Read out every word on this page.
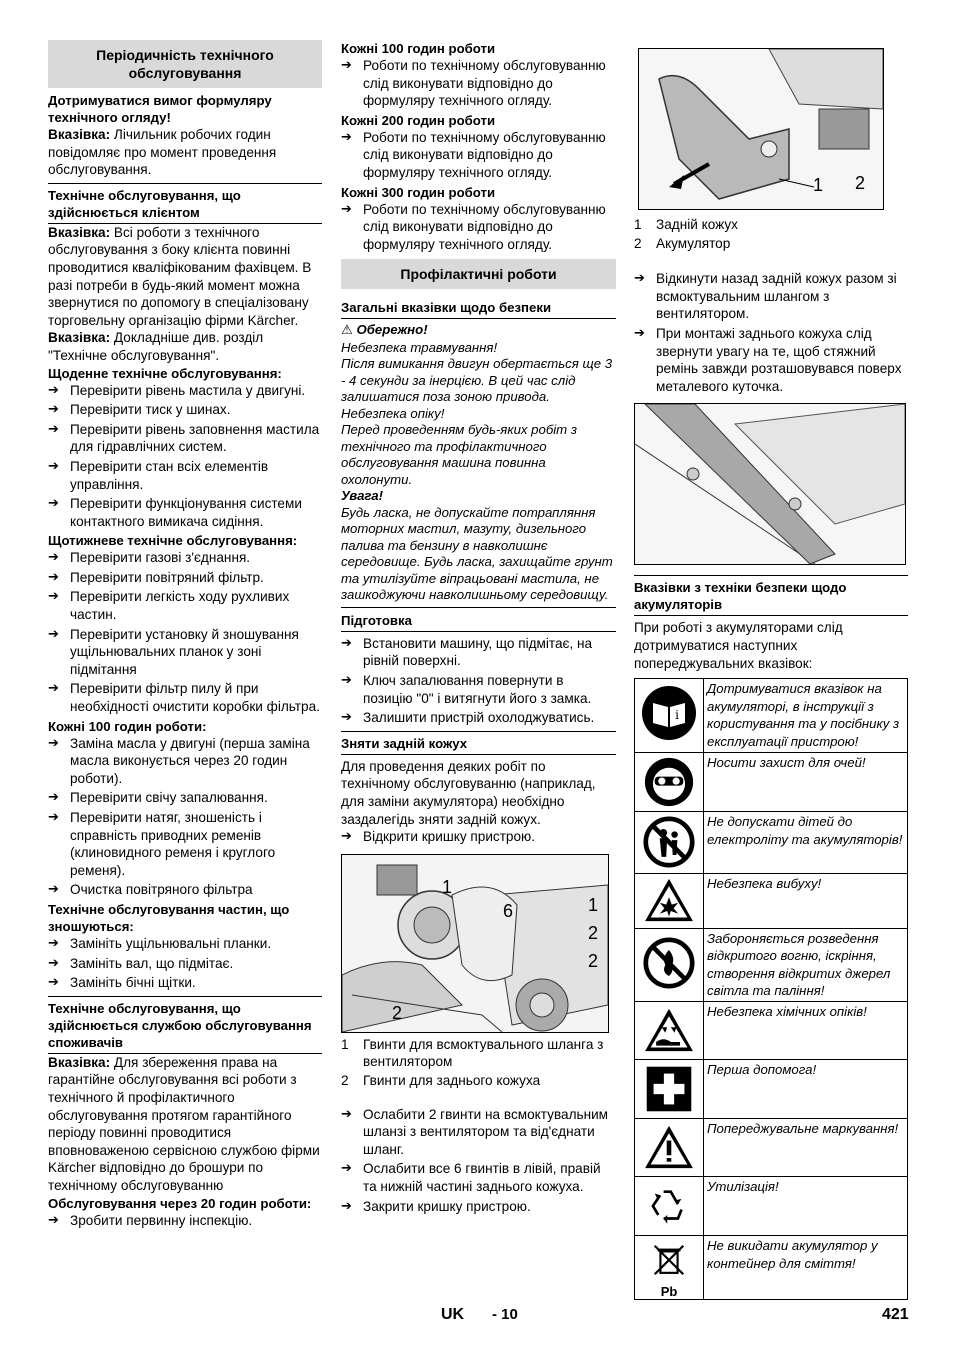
Періодичність технічного обслуговування

Дотримуватися вимог формуляру технічного огляду!

Вказівка: Лічильник робочих годин повідомляє про момент проведення обслуговування.

Технічне обслуговування, що здійснюється клієнтом

Вказівка: Всі роботи з технічного обслуговування з боку клієнта повинні проводитися кваліфікованим фахівцем. В разі потреби в будь-який момент можна звернутися по допомогу в спеціалізовану торговельну організацію фірми Kärcher.

Вказівка: Докладніше див. розділ "Технічне обслуговування".

Щоденне технічне обслуговування:

➔ Перевірити рівень мастила у двигуні.
➔ Перевірити тиск у шинах.
➔ Перевірити рівень заповнення мастила для гідравлічних систем.
➔ Перевірити стан всіх елементів управління.
➔ Перевірити функціонування системи контактного вимикача сидіння.

Щотижневе технічне обслуговування:

➔ Перевірити газові з'єднання.
➔ Перевірити повітряний фільтр.
➔ Перевірити легкість ходу рухливих частин.
➔ Перевірити установку й зношування ущільнювальних планок у зоні підмітання
➔ Перевірити фільтр пилу й при необхідності очистити коробки фільтра.

Кожні 100 годин роботи:

➔ Заміна масла у двигуні (перша заміна масла виконується через 20 годин роботи).
➔ Перевірити свічу запалювання.
➔ Перевірити натяг, зношеність і справність приводних ременів (клиновидного ременя і круглого ременя).
➔ Очистка повітряного фільтра

Технічне обслуговування частин, що зношуються:

➔ Замініть ущільнювальні планки.
➔ Замініть вал, що підмітає.
➔ Замініть бічні щітки.

Технічне обслуговування, що здійснюється службою обслуговування споживачів

Вказівка: Для збереження права на гарантійне обслуговування всі роботи з технічного й профілактичного обслуговування протягом гарантійного періоду повинні проводитися вповноваженою сервісною службою фірми Kärcher відповідно до брошури по технічному обслуговуванню

Обслуговування через 20 годин роботи:

➔ Зробити первинну інспекцію.

Кожні 100 годин роботи

➔ Роботи по технічному обслуговуванню слід виконувати відповідно до формуляру технічного огляду.

Кожні 200 годин роботи

➔ Роботи по технічному обслуговуванню слід виконувати відповідно до формуляру технічного огляду.

Кожні 300 годин роботи

➔ Роботи по технічному обслуговуванню слід виконувати відповідно до формуляру технічного огляду.
Профілактичні роботи

Загальні вказівки щодо безпеки

⚠ Обережно!

Небезпека травмування!
Після вимикання двигун обертається ще 3 - 4 секунди за інерцією. В цей час слід залишатися поза зоною привода.
Небезпека опіку!
Перед проведенням будь-яких робіт з технічного та профілактичного обслуговування машина повинна охолонути.

Увага!

Будь ласка, не допускайте потрапляння моторних мастил, мазуту, дизельного палива та бензину в навколишнє середовище. Будь ласка, захищайте грунт та утилізуйте віпрацьовані мастила, не зашкоджуючи навколишньому середовищу.

Підготовка

➔ Встановити машину, що підмітає, на рівній поверхні.
➔ Ключ запалювання повернути в позицію "0" і витягнути його з замка.
➔ Залишити пристрій охолоджуватись.

Зняти задній кожух

Для проведення деяких робіт по технічному обслуговуванню (наприклад, для заміни акумулятора) необхідно заздалегідь зняти задній кожух.

➔ Відкрити кришку пристрою.
1
6	1
2
2
2
1	Гвинти для всмоктувального шланга з вентилятором
2	Гвинти для заднього кожуха
➔ Ослабити 2 гвинти на всмоктувальним шланзі з вентилятором та від'єднати шланг.
➔ Ослабити все 6 гвинтів в лівій, правій та нижній частині заднього кожуха.
➔ Закрити кришку пристрою.
1 2
1	Задній кожух
2	Акумулятор
➔ Відкинути назад задній кожух разом зі всмоктувальним шлангом з вентилятором.
➔ При монтажі заднього кожуха слід звернути увагу на те, щоб стяжний ремінь завжди розташовувався поверх металевого куточка.

Вказівки з техніки безпеки щодо акумуляторів

При роботі з акумуляторами слід дотримуватися наступних попереджувальних вказівок:

i	Дотримуватися вказівок на акумуляторі, в інструкції з користування та у посібнику з експлуатації пристрою!
	Носити захист для очей!
	Не допускати дітей до електроліту та акумуляторів!
	Небезпека вибуху!
	Забороняється розведення відкритого вогню, іскріння, створення відкритих джерел світла та паління!
	Небезпека хімічних опіків!
	Перша допомога!
	Попереджувальне маркування!
	Утилізація!

Pb	Не викидати акумулятор у контейнер для сміття!
UK - 10	421
